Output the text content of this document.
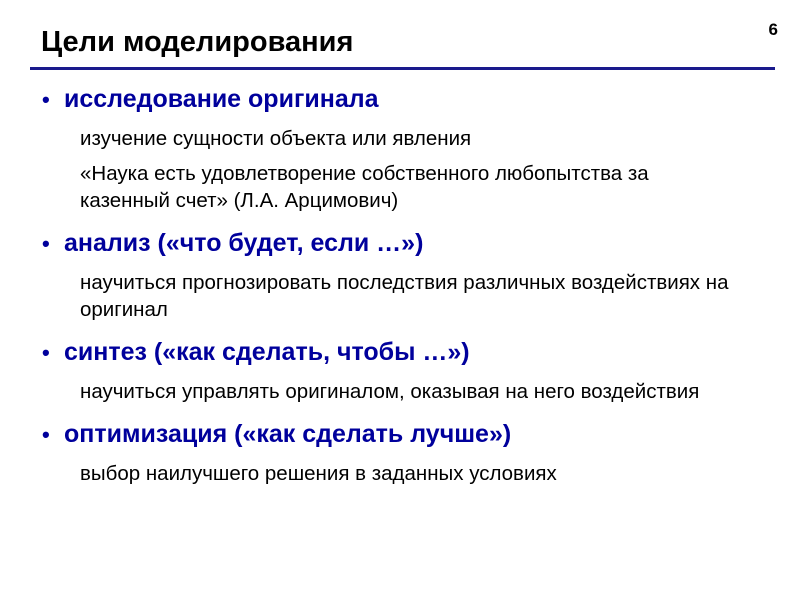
Цели моделирования	6
• исследование оригинала
изучение сущности объекта или явления
«Наука есть удовлетворение собственного любопытства за казенный счет» (Л.А. Арцимович)
• анализ («что будет, если …»)
научиться прогнозировать последствия различных воздействиях на оригинал
• синтез («как сделать, чтобы …»)
научиться управлять оригиналом, оказывая на него воздействия
• оптимизация («как сделать лучше»)
выбор наилучшего решения в заданных условиях
